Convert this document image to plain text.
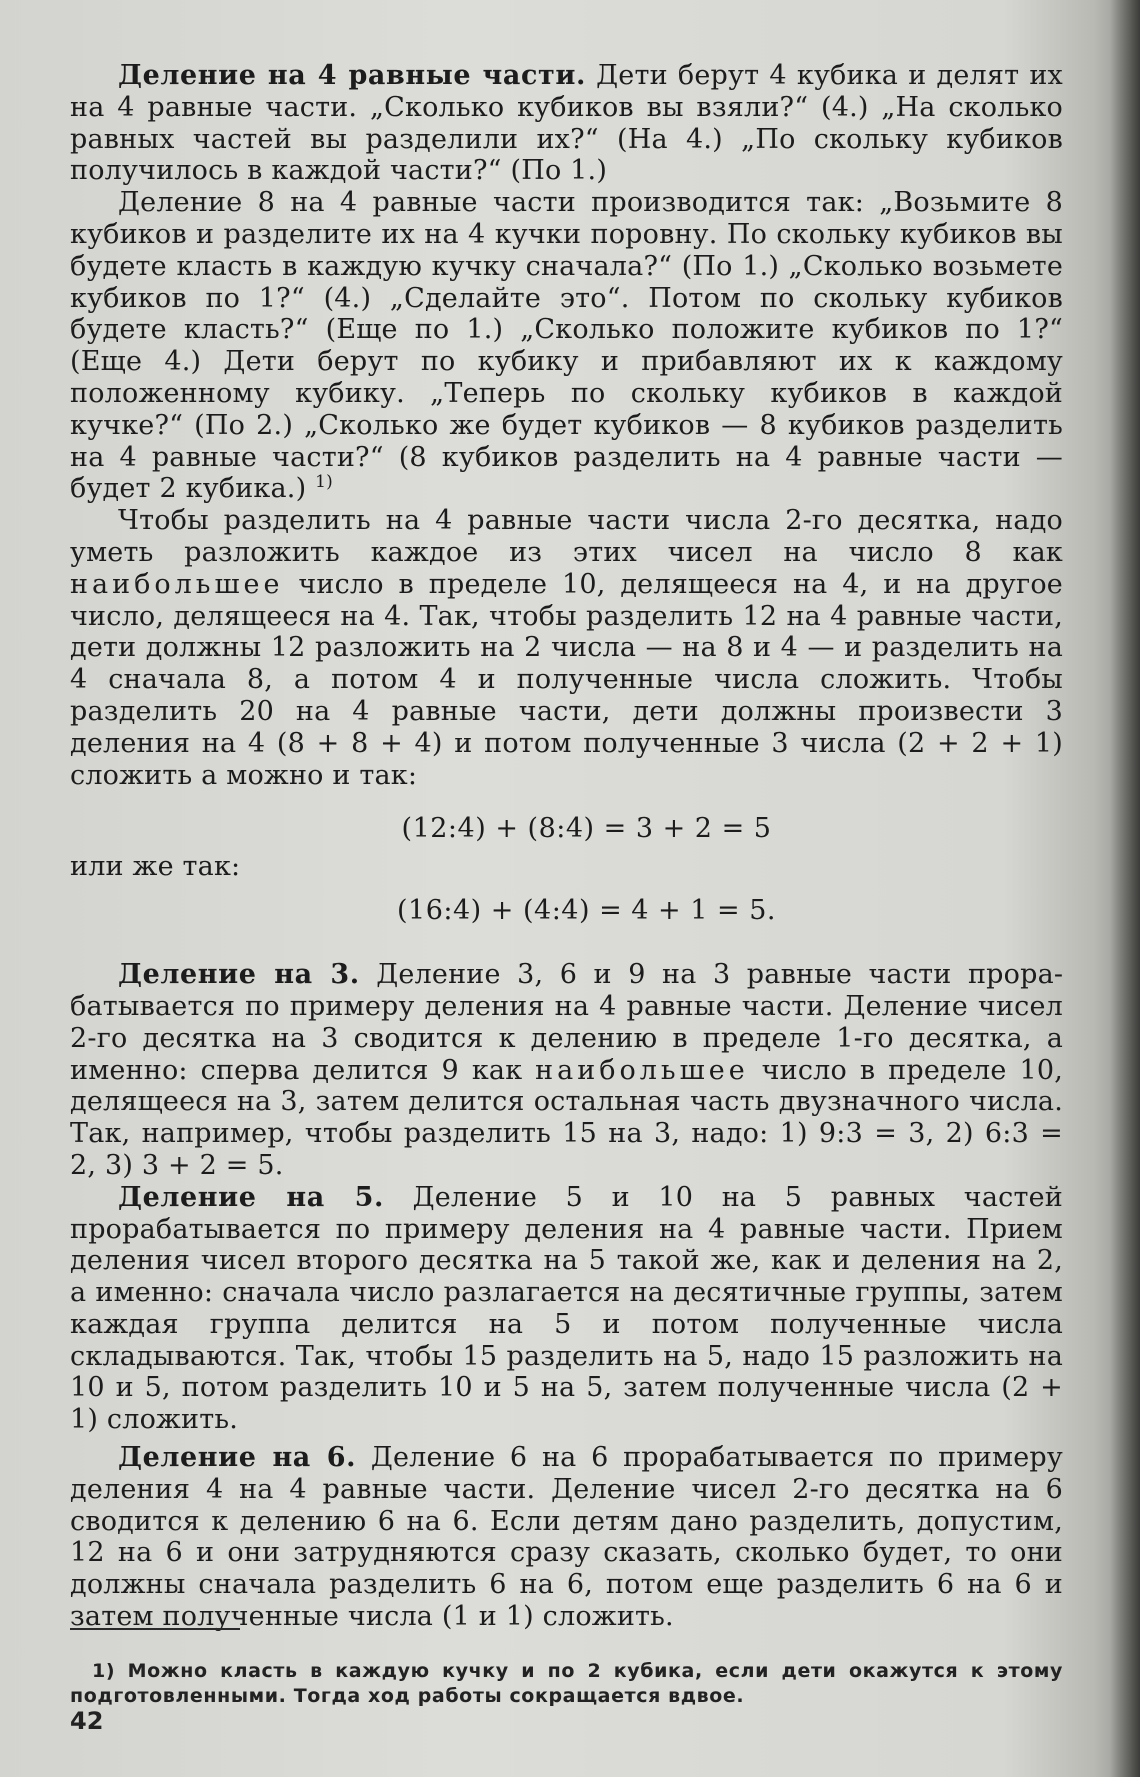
Деление на 4 равные части. Дети берут 4 кубика и делят их на 4 равные части. „Сколько кубиков вы взяли?“ (4.) „На сколько равных частей вы разделили их?“ (На 4.) „По скольку кубиков получилось в каждой части?“ (По 1.)

Деление 8 на 4 равные части производится так: „Возьмите 8 кубиков и разделите их на 4 кучки поровну. По скольку кубиков вы будете класть в каждую кучку сначала?“ (По 1.) „Сколько возьмете кубиков по 1?“ (4.) „Сделайте это“. Потом по скольку кубиков будете класть?“ (Еще по 1.) „Сколько положите кубиков по 1?“ (Еще 4.) Дети берут по кубику и прибавляют их к каждому положенному кубику. „Теперь по скольку кубиков в каждой кучке?“ (По 2.) „Сколько же будет кубиков — 8 кубиков разделить на 4 равные части?“ (8 кубиков разделить на 4 равные части — будет 2 кубика.) $^{1)}$

Чтобы разделить на 4 равные части числа 2-го десятка, надо уметь разложить каждое из этих чисел на число 8 как наибольшее число в пределе 10, делящееся на 4, и на другое число, делящееся на 4. Так, чтобы разделить 12 на 4 равные части, дети должны 12 разложить на 2 числа — на 8 и 4 — и разделить на 4 сначала 8, а потом 4 и полученные числа сложить. Чтобы разделить 20 на 4 равные части, дети должны произвести 3 деления на 4 (8 + 8 + 4) и потом полученные 3 числа (2 + 2 + 1) сложить а можно и так:

(12:4) + (8:4) = 3 + 2 = 5

или же так:

(16:4) + (4:4) = 4 + 1 = 5.

Деление на 3. Деление 3, 6 и 9 на 3 равные части прорабатывается по примеру деления на 4 равные части. Деление чисел 2-го десятка на 3 сводится к делению в пределе 1-го десятка, а именно: сперва делится 9 как наибольшее число в пределе 10, делящееся на 3, затем делится остальная часть двузначного числа. Так, например, чтобы разделить 15 на 3, надо: 1) 9:3 = 3, 2) 6:3 = 2, 3) 3 + 2 = 5.

Деление на 5. Деление 5 и 10 на 5 равных частей прорабатывается по примеру деления на 4 равные части. Прием деления чисел второго десятка на 5 такой же, как и деления на 2, а именно: сначала число разлагается на десятичные группы, затем каждая группа делится на 5 и потом полученные числа складываются. Так, чтобы 15 разделить на 5, надо 15 разложить на 10 и 5, потом разделить 10 и 5 на 5, затем полученные числа (2 + 1) сложить.

Деление на 6. Деление 6 на 6 прорабатывается по примеру деления 4 на 4 равные части. Деление чисел 2-го десятка на 6 сводится к делению 6 на 6. Если детям дано разделить, допустим, 12 на 6 и они затрудняются сразу сказать, сколько будет, то они должны сначала разделить 6 на 6, потом еще разделить 6 на 6 и затем полученные числа (1 и 1) сложить.

1) Можно класть в каждую кучку и по 2 кубика, если дети окажутся к этому подготовленными. Тогда ход работы сокращается вдвое.

42
